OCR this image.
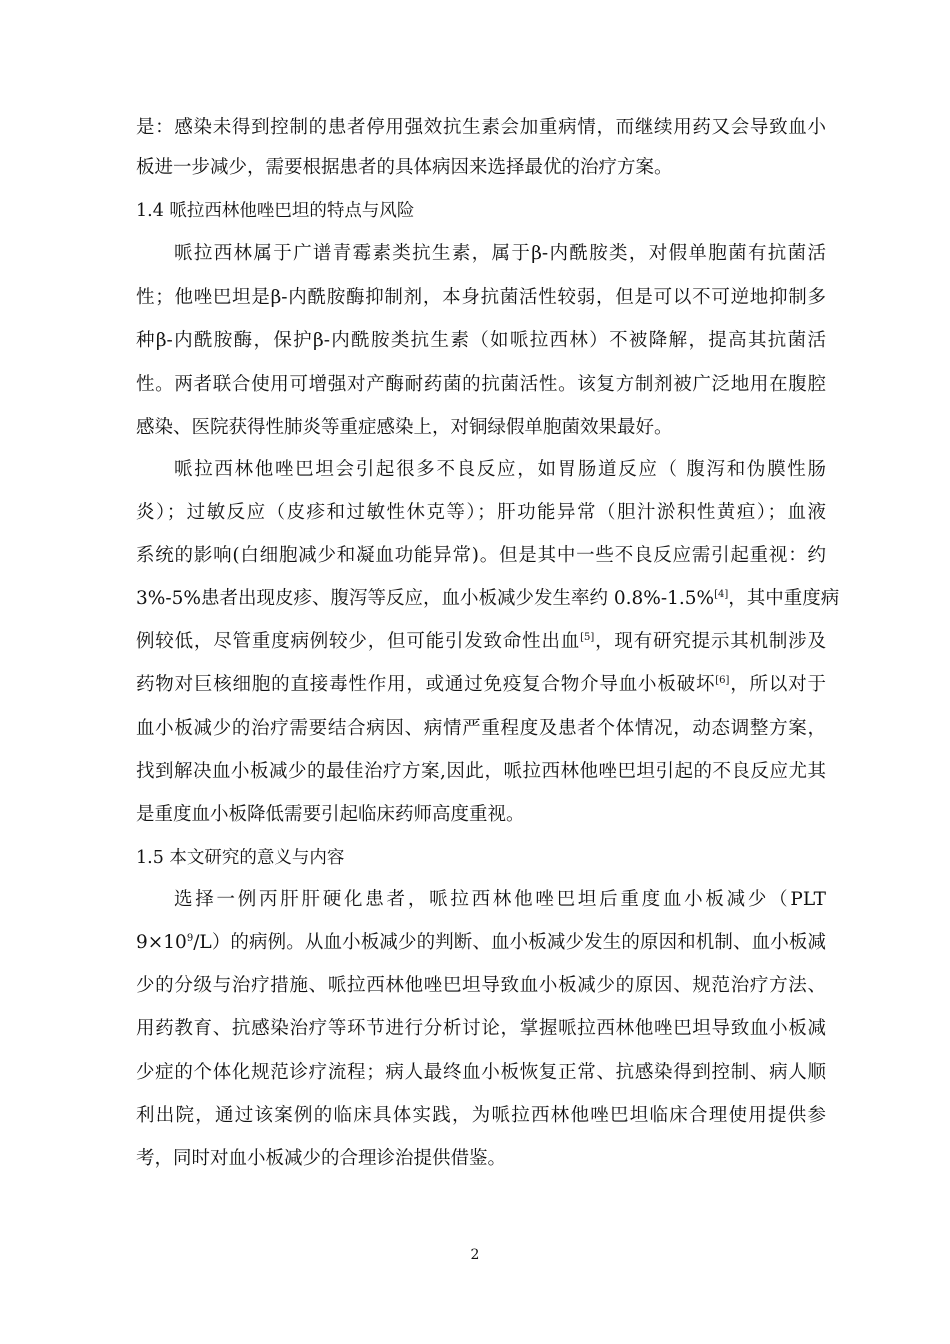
是：感染未得到控制的患者停用强效抗生素会加重病情，而继续用药又会导致血小
板进一步减少，需要根据患者的具体病因来选择最优的治疗方案。
1.4 哌拉西林他唑巴坦的特点与风险
哌拉西林属于广谱青霉素类抗生素，属于β-内酰胺类，对假单胞菌有抗菌活
性；他唑巴坦是β-内酰胺酶抑制剂，本身抗菌活性较弱，但是可以不可逆地抑制多
种β-内酰胺酶，保护β-内酰胺类抗生素（如哌拉西林）不被降解，提高其抗菌活
性。两者联合使用可增强对产酶耐药菌的抗菌活性。该复方制剂被广泛地用在腹腔
感染、医院获得性肺炎等重症感染上，对铜绿假单胞菌效果最好。
哌拉西林他唑巴坦会引起很多不良反应，如胃肠道反应（ 腹泻和伪膜性肠
炎）；过敏反应（皮疹和过敏性休克等）；肝功能异常（胆汁淤积性黄疸）；血液
系统的影响(白细胞减少和凝血功能异常)。但是其中一些不良反应需引起重视：约
3%-5%患者出现皮疹、腹泻等反应，血小板减少发生率约 0.8%-1.5%[4]，其中重度病
例较低，尽管重度病例较少，但可能引发致命性出血[5]，现有研究提示其机制涉及
药物对巨核细胞的直接毒性作用，或通过免疫复合物介导血小板破坏[6]，所以对于
血小板减少的治疗需要结合病因、病情严重程度及患者个体情况，动态调整方案，
找到解决血小板减少的最佳治疗方案,因此，哌拉西林他唑巴坦引起的不良反应尤其
是重度血小板降低需要引起临床药师高度重视。
1.5 本文研究的意义与内容
选择一例丙肝肝硬化患者，哌拉西林他唑巴坦后重度血小板减少（PLT
$9\times 10^9/L$）的病例。从血小板减少的判断、血小板减少发生的原因和机制、血小板减
少的分级与治疗措施、哌拉西林他唑巴坦导致血小板减少的原因、规范治疗方法、
用药教育、抗感染治疗等环节进行分析讨论，掌握哌拉西林他唑巴坦导致血小板减
少症的个体化规范诊疗流程；病人最终血小板恢复正常、抗感染得到控制、病人顺
利出院，通过该案例的临床具体实践，为哌拉西林他唑巴坦临床合理使用提供参
考，同时对血小板减少的合理诊治提供借鉴。
2
